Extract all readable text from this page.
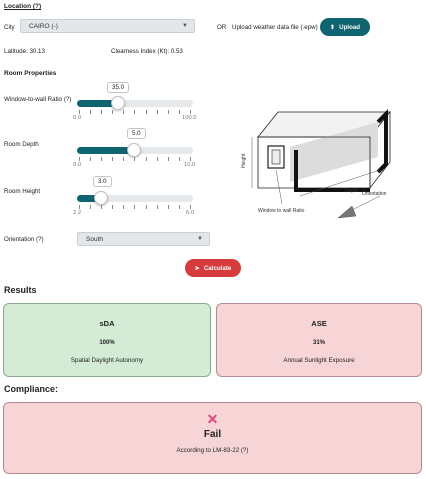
Location (?)
City CAIRO (-)	▼	OR Upload weather data file (.epw) ⬆ Upload
Latitude: 30.13	Clearness Index (Kt): 0.53
Room Properties
Window-to-wall Ratio (?)
35.0
0.0	100.0
Room Depth
5.0
0.0	10.0
Room Height
3.0
2.2	6.0
Orientation (?)	South	▼
Height
Depth Orientation
Window to wall Ratio
➤ Calculate
Results
sDA
100%
Spatial Daylight Autonomy
ASE
31%
Annual Sunlight Exposure
Compliance:
✕
Fail
According to LM-83-22 (?)
